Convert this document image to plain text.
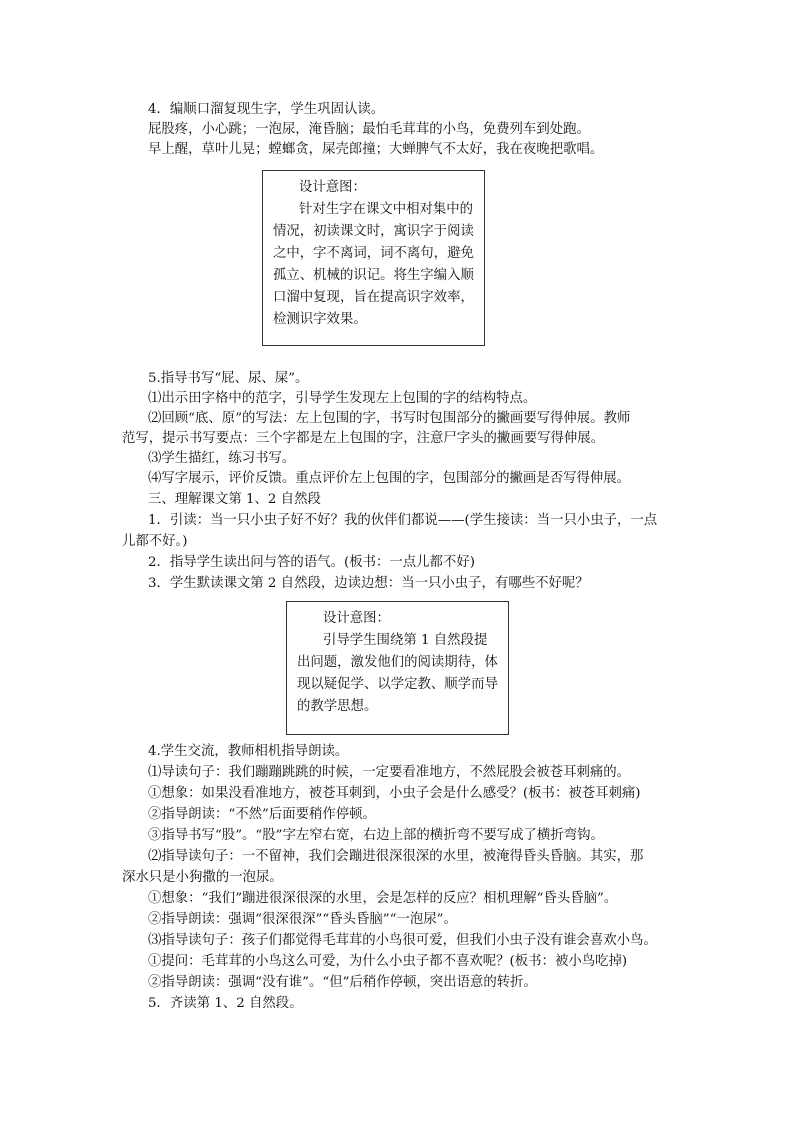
4．编顺口溜复现生字，学生巩固认读。
屁股疼，小心跳；一泡尿，淹昏脑；最怕毛茸茸的小鸟，免费列车到处跑。
早上醒，草叶儿晃；螳螂贪，屎壳郎撞；大蝉脾气不太好，我在夜晚把歌唱。
设计意图：
针对生字在课文中相对集中的情况，初读课文时，寓识字于阅读之中，字不离词，词不离句，避免孤立、机械的识记。将生字编入顺口溜中复现，旨在提高识字效率，检测识字效果。
5.指导书写“屁、尿、屎”。
⑴出示田字格中的范字，引导学生发现左上包围的字的结构特点。
⑵回顾“底、原”的写法：左上包围的字，书写时包围部分的撇画要写得伸展。教师
范写，提示书写要点：三个字都是左上包围的字，注意尸字头的撇画要写得伸展。
⑶学生描红，练习书写。
⑷写字展示，评价反馈。重点评价左上包围的字，包围部分的撇画是否写得伸展。
三、理解课文第 1、2 自然段
1．引读：当一只小虫子好不好？我的伙伴们都说——(学生接读：当一只小虫子，一点
儿都不好。)
2．指导学生读出问与答的语气。(板书：一点儿都不好)
3．学生默读课文第 2 自然段，边读边想：当一只小虫子，有哪些不好呢？
设计意图：
引导学生围绕第 1 自然段提出问题，激发他们的阅读期待，体现以疑促学、以学定教、顺学而导的教学思想。
4.学生交流，教师相机指导朗读。
⑴导读句子：我们蹦蹦跳跳的时候，一定要看准地方，不然屁股会被苍耳刺痛的。
①想象：如果没看准地方，被苍耳刺到，小虫子会是什么感受？(板书：被苍耳刺痛)
②指导朗读：“不然”后面要稍作停顿。
③指导书写“股”。“股”字左窄右宽，右边上部的横折弯不要写成了横折弯钩。
⑵指导读句子：一不留神，我们会蹦进很深很深的水里，被淹得昏头昏脑。其实，那
深水只是小狗撒的一泡尿。
①想象：“我们”蹦进很深很深的水里，会是怎样的反应？相机理解“昏头昏脑”。
②指导朗读：强调“很深很深”“昏头昏脑”“一泡尿”。
⑶指导读句子：孩子们都觉得毛茸茸的小鸟很可爱，但我们小虫子没有谁会喜欢小鸟。
①提问：毛茸茸的小鸟这么可爱，为什么小虫子都不喜欢呢？(板书：被小鸟吃掉)
②指导朗读：强调“没有谁”。“但”后稍作停顿，突出语意的转折。
5．齐读第 1、2 自然段。
